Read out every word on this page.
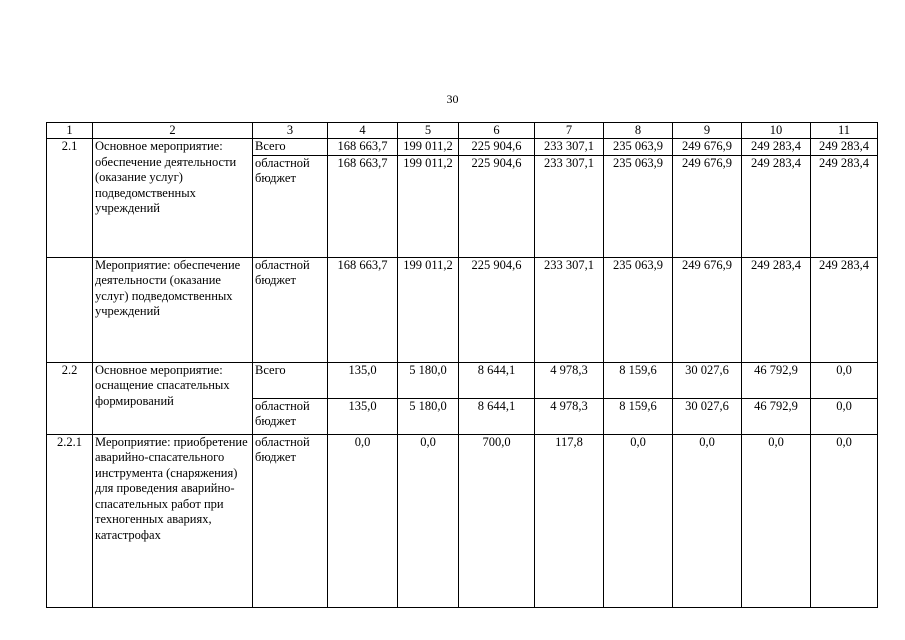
30
1	2	3	4	5	6	7	8	9	10	11
2.1	Основное мероприятие: обеспечение деятельности (оказание услуг) подведомственных учреждений	Всего	168 663,7	199 011,2	225 904,6	233 307,1	235 063,9	249 676,9	249 283,4	249 283,4
		областной бюджет	168 663,7	199 011,2	225 904,6	233 307,1	235 063,9	249 676,9	249 283,4	249 283,4
	Мероприятие: обеспечение деятельности (оказание услуг) подведомственных учреждений	областной бюджет	168 663,7	199 011,2	225 904,6	233 307,1	235 063,9	249 676,9	249 283,4	249 283,4
2.2	Основное мероприятие: оснащение спасательных формирований	Всего	135,0	5 180,0	8 644,1	4 978,3	8 159,6	30 027,6	46 792,9	0,0
		областной бюджет	135,0	5 180,0	8 644,1	4 978,3	8 159,6	30 027,6	46 792,9	0,0
2.2.1	Мероприятие: приобретение аварийно-спасательного инструмента (снаряжения) для проведения аварийно-спасательных работ при техногенных авариях, катастрофах	областной бюджет	0,0	0,0	700,0	117,8	0,0	0,0	0,0	0,0
